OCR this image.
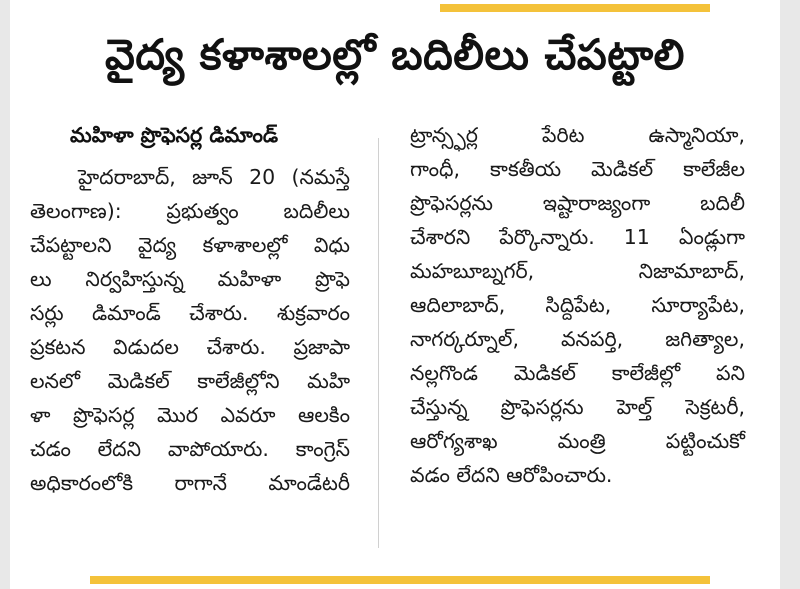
వైద్య కళాశాలల్లో బదిలీలు చేపట్టాలి
మహిళా ప్రొఫెసర్ల డిమాండ్
హైదరాబాద్, జూన్ 20 (నమస్తే
తెలంగాణ): ప్రభుత్వం బదిలీలు
చేపట్టాలని వైద్య కళాశాలల్లో విధు
లు నిర్వహిస్తున్న మహిళా ప్రొఫె
సర్లు డిమాండ్ చేశారు. శుక్రవారం
ప్రకటన విడుదల చేశారు. ప్రజాపా
లనలో మెడికల్ కాలేజీల్లోని మహి
ళా ప్రొఫెసర్ల మొర ఎవరూ ఆలకిం
చడం లేదని వాపోయారు. కాంగ్రెస్
అధికారంలోకి రాగానే మాండేటరీ
ట్రాన్స్ఫర్ల పేరిట ఉస్మానియా,
గాంధీ, కాకతీయ మెడికల్ కాలేజీల
ప్రొఫెసర్లను ఇష్టారాజ్యంగా బదిలీ
చేశారని పేర్కొన్నారు. 11 ఏండ్లుగా
మహబూబ్నగర్, నిజామాబాద్,
ఆదిలాబాద్, సిద్దిపేట, సూర్యాపేట,
నాగర్కర్నూల్, వనపర్తి, జగిత్యాల,
నల్లగొండ మెడికల్ కాలేజీల్లో పని
చేస్తున్న ప్రొఫెసర్లను హెల్త్ సెక్రటరీ,
ఆరోగ్యశాఖ మంత్రి పట్టించుకో
వడం లేదని ఆరోపించారు.
